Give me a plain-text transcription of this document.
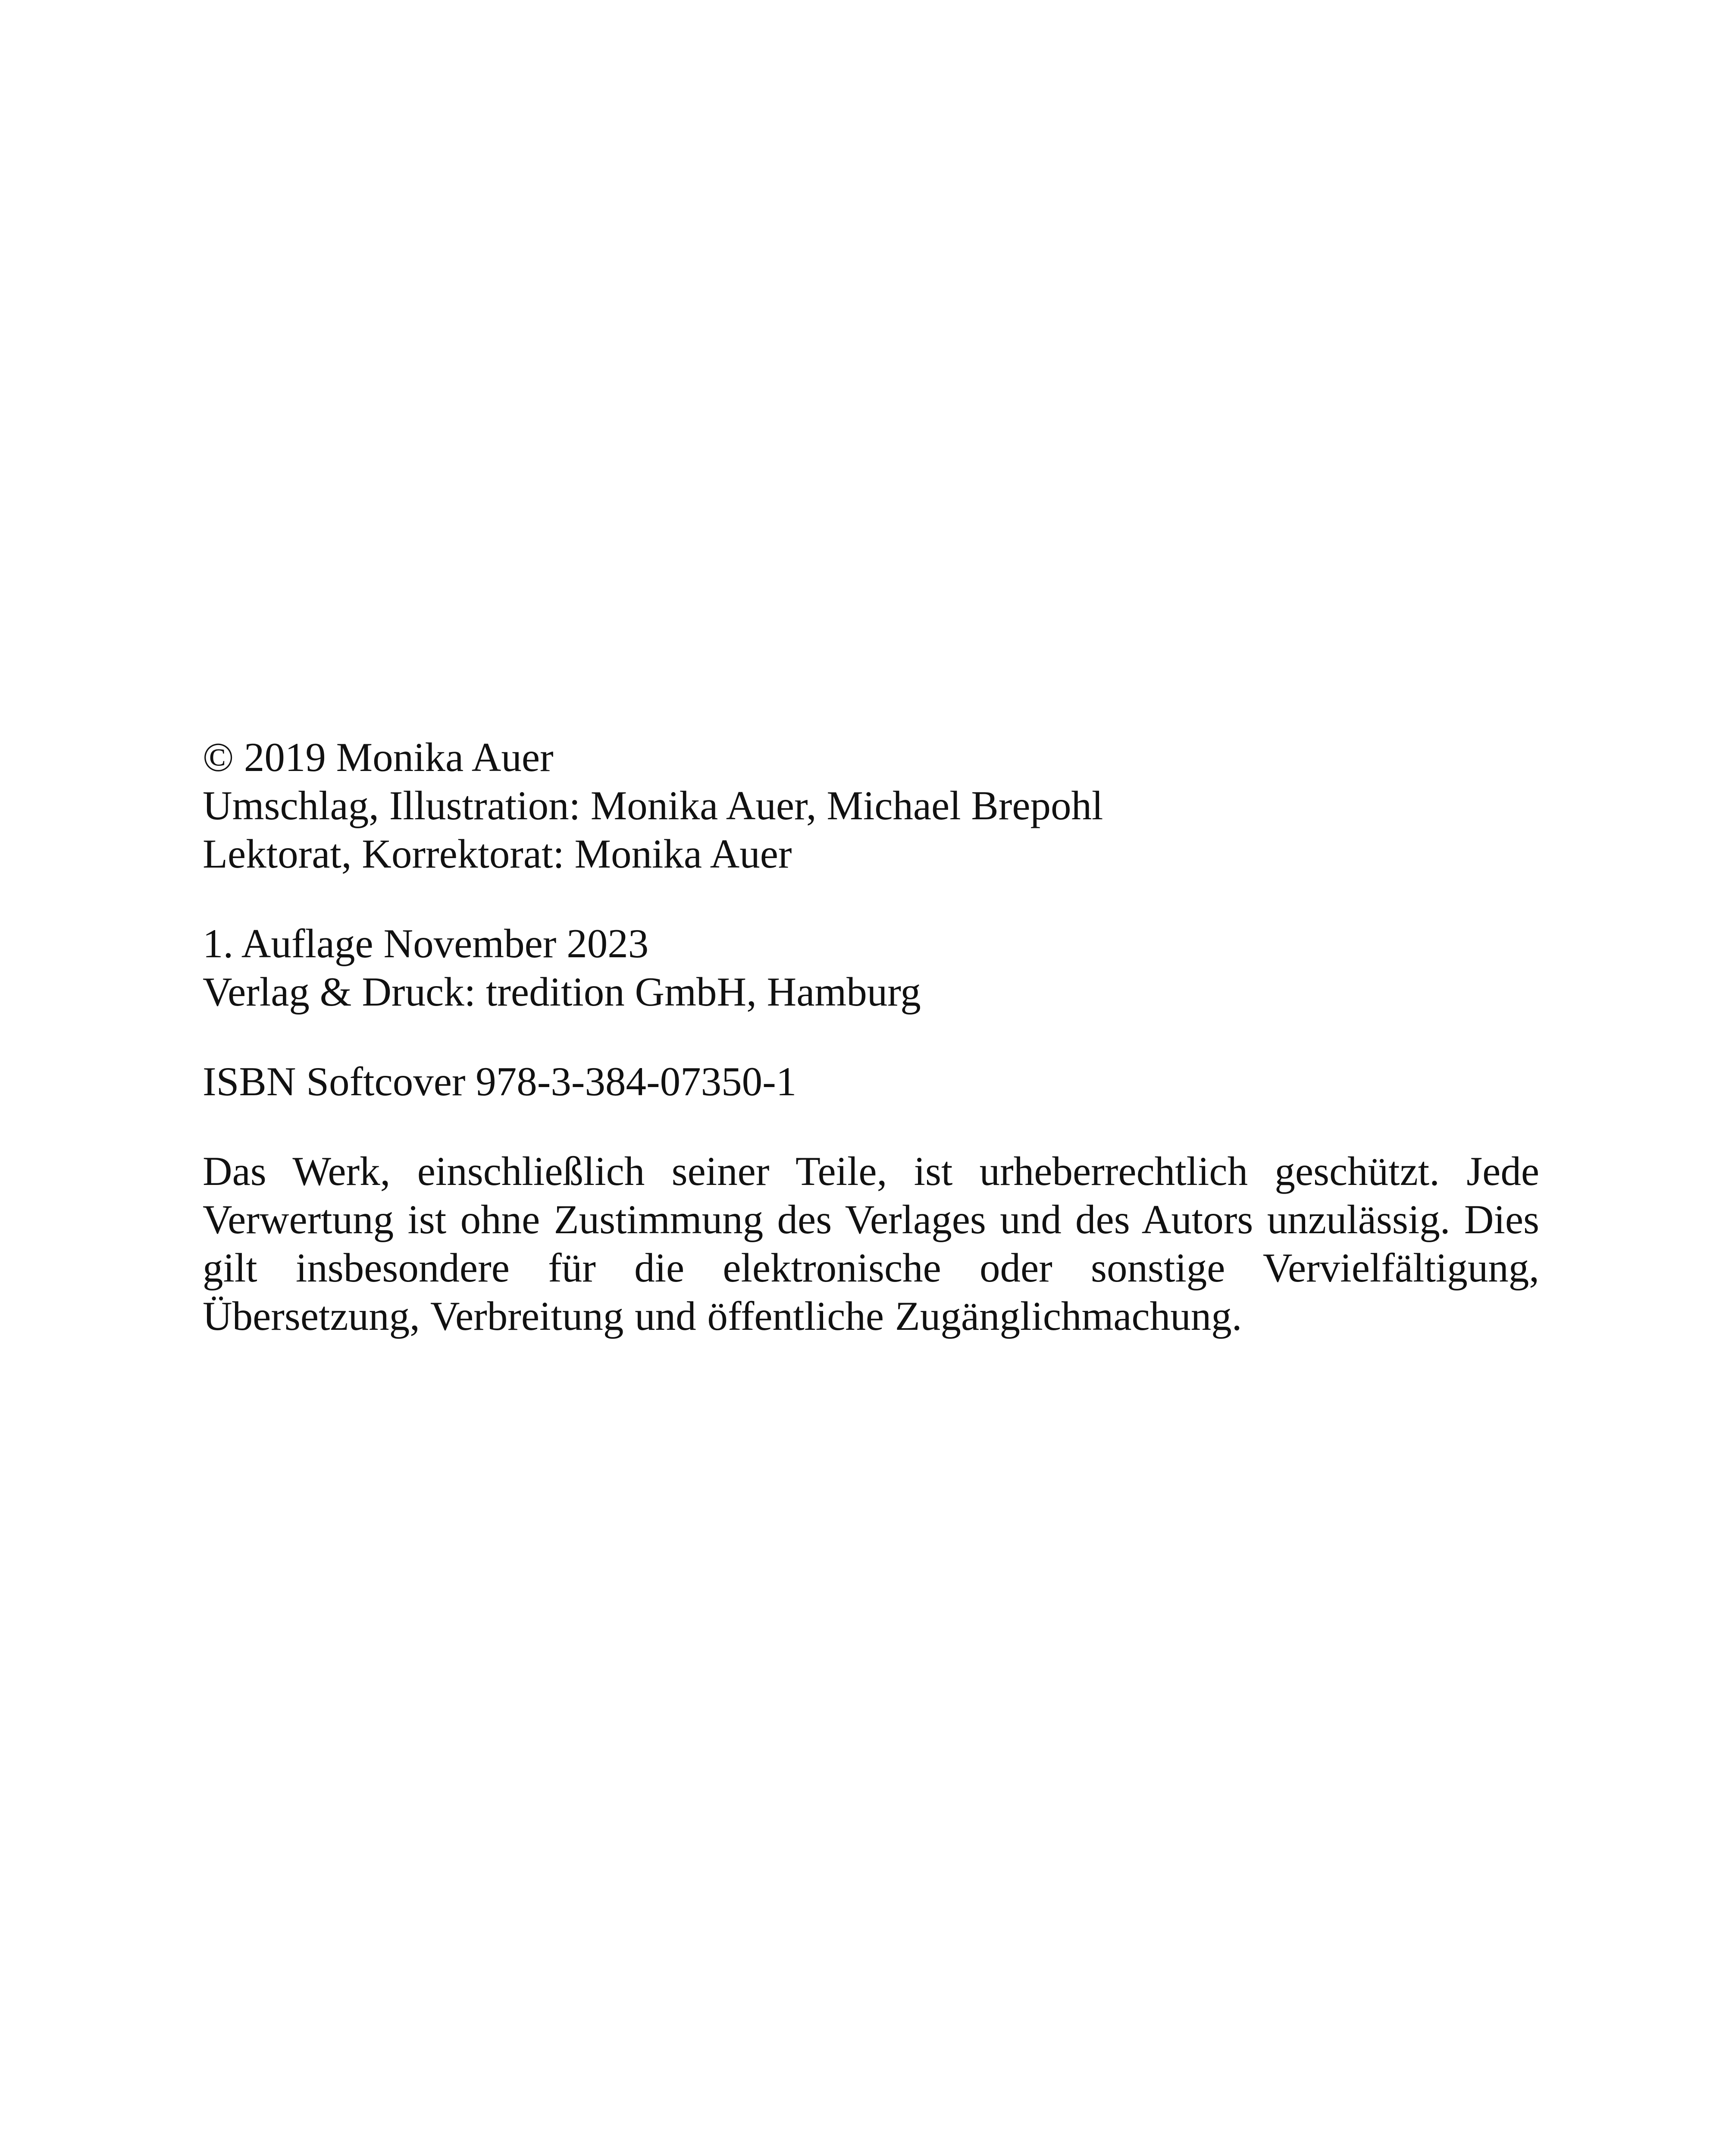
© 2019 Monika Auer
Umschlag, Illustration: Monika Auer, Michael Brepohl
Lektorat, Korrektorat: Monika Auer
1. Auflage November 2023
Verlag & Druck: tredition GmbH, Hamburg
ISBN Softcover 978-3-384-07350-1

Das Werk, einschließlich seiner Teile, ist urheberrechtlich geschützt. Jede Verwertung ist ohne Zustimmung des Verlages und des Autors unzulässig. Dies gilt insbesondere für die elektronische oder sonstige Vervielfältigung, Übersetzung, Verbreitung und öffentliche Zugänglichmachung.
